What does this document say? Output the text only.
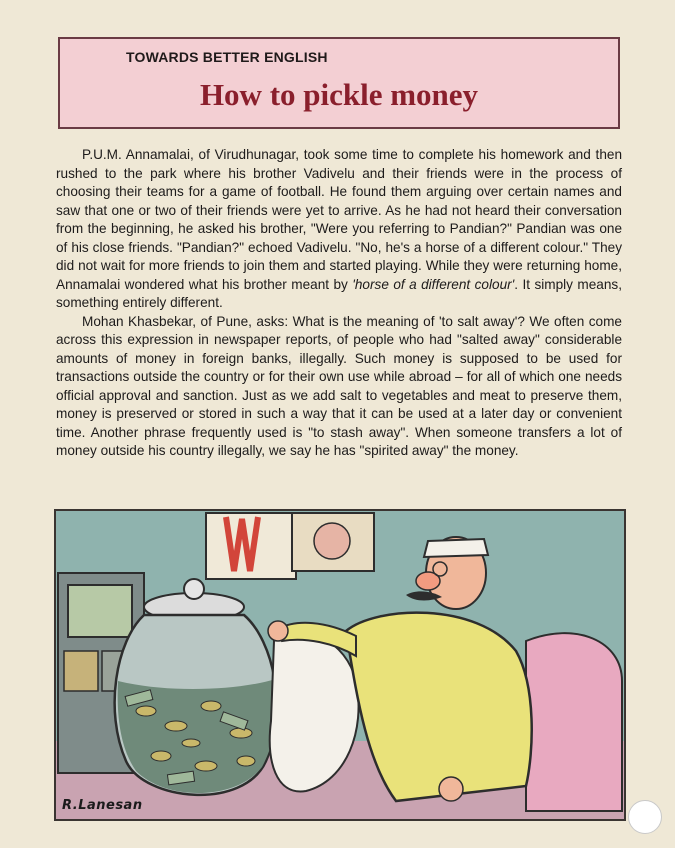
TOWARDS BETTER ENGLISH
How to pickle money

P.U.M. Annamalai, of Virudhunagar, took some time to complete his homework and then rushed to the park where his brother Vadivelu and their friends were in the process of choosing their teams for a game of football. He found them arguing over certain names and saw that one or two of their friends were yet to arrive. As he had not heard their conversation from the beginning, he asked his brother, "Were you referring to Pandian?" Pandian was one of his close friends. "Pandian?" echoed Vadivelu. "No, he's a horse of a different colour." They did not wait for more friends to join them and started playing. While they were returning home, Annamalai wondered what his brother meant by 'horse of a different colour'. It simply means, something entirely different.

Mohan Khasbekar, of Pune, asks: What is the meaning of 'to salt away'? We often come across this expression in newspaper reports, of people who had "salted away" considerable amounts of money in foreign banks, illegally. Such money is supposed to be used for transactions outside the country or for their own use while abroad – for all of which one needs official approval and sanction. Just as we add salt to vegetables and meat to preserve them, money is preserved or stored in such a way that it can be used at a later day or convenient time. Another phrase frequently used is "to stash away". When someone transfers a lot of money outside his country illegally, we say he has "spirited away" the money.

R.Lanesan
